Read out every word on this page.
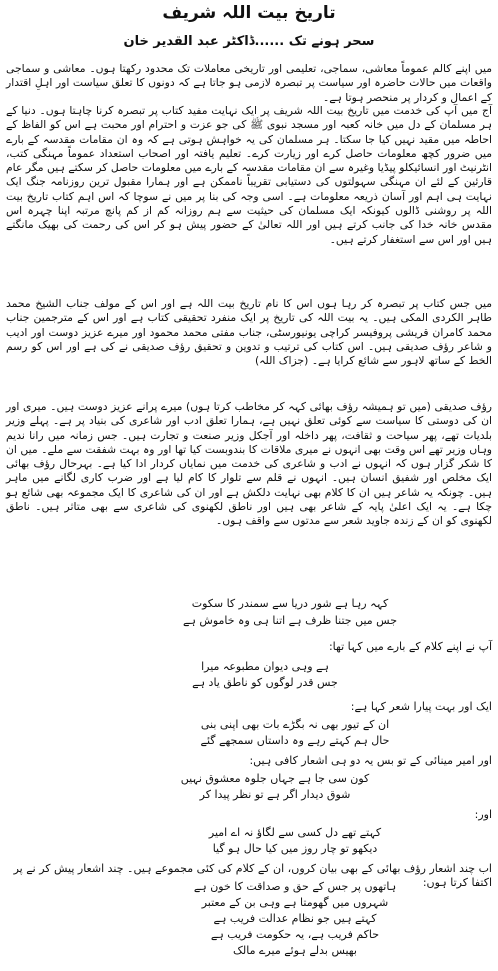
تاریخ بیت اللہ شریف
سحر ہونے تک ......ڈاکٹر عبد القدیر خان

میں اپنے کالم عموماً معاشی، سماجی، تعلیمی اور تاریخی معاملات تک محدود رکھتا ہوں۔ معاشی و سماجی واقعات میں حالات حاضرہ اور سیاست پر تبصرہ لازمی ہو جاتا ہے کہ دونوں کا تعلق سیاست اور اہلِ اقتدار کے اعمال و کردار پر منحصر ہوتا ہے۔

آج میں آپ کی خدمت میں تاریخ بیت اللہ شریف پر ایک نہایت مفید کتاب پر تبصرہ کرنا چاہتا ہوں۔ دنیا کے ہر مسلمان کے دل میں خانہ کعبہ اور مسجد نبوی ﷺ کی جو عزت و احترام اور محبت ہے اس کو الفاظ کے احاطہ میں مقید نہیں کیا جا سکتا۔ ہر مسلمان کی یہ خواہش ہوتی ہے کہ وہ ان مقامات مقدسہ کے بارے میں ضرور کچھ معلومات حاصل کرے اور زیارت کرے۔ تعلیم یافتہ اور اصحاب استعداد عموماً مہنگی کتب، انٹرنیٹ اور انسائیکلو پیڈیا وغیرہ سے ان مقامات مقدسہ کے بارے میں معلومات حاصل کر سکتے ہیں مگر عام قارئین کے لئے ان مہنگی سہولتوں کی دستیابی تقریباً ناممکن ہے اور ہمارا مقبول ترین روزنامہ جنگ ایک نہایت ہی اہم اور آسان ذریعہ معلومات ہے۔ اسی وجہ کی بنا پر میں نے سوچا کہ اس اہم کتاب تاریخ بیت اللہ پر روشنی ڈالوں کیونکہ ایک مسلمان کی حیثیت سے ہم روزانہ کم از کم پانچ مرتبہ اپنا چہرہ اس مقدس خانہ خدا کی جانب کرتے ہیں اور اللہ تعالیٰ کے حضور پیش ہو کر اس کی رحمت کی بھیک مانگتے ہیں اور اس سے استغفار کرتے ہیں۔

میں جس کتاب پر تبصرہ کر رہا ہوں اس کا نام تاریخ بیت اللہ ہے اور اس کے مولف جناب الشیخ محمد طاہر الکردی المکی ہیں۔ یہ بیت اللہ کی تاریخ پر ایک منفرد تحقیقی کتاب ہے اور اس کے مترجمین جناب محمد کامران قریشی پروفیسر کراچی یونیورسٹی، جناب مفتی محمد محمود اور میرے عزیز دوست اور ادیب و شاعر رؤف صدیقی ہیں۔ اس کتاب کی ترتیب و تدوین و تحقیق رؤف صدیقی نے کی ہے اور اس کو رسم الخط کے ساتھ لاہور سے شائع کرایا ہے۔ (جزاک اللہ)

رؤف صدیقی (میں تو ہمیشہ رؤف بھائی کہہ کر مخاطب کرتا ہوں) میرے پرانے عزیز دوست ہیں۔ میری اور ان کی دوستی کا سیاست سے کوئی تعلق نہیں ہے، ہمارا تعلق ادب اور شاعری کی بنیاد پر ہے۔ پہلے وزیر بلدیات تھے، پھر سیاحت و ثقافت، پھر داخلہ اور آجکل وزیر صنعت و تجارت ہیں۔ جس زمانہ میں رانا ندیم وہاں وزیر تھے اس وقت بھی انہوں نے میری ملاقات کا بندوبست کیا تھا اور وہ بہت شفقت سے ملے۔ میں ان کا شکر گزار ہوں کہ انہوں نے ادب و شاعری کی خدمت میں نمایاں کردار ادا کیا ہے۔ بہرحال رؤف بھائی ایک مخلص اور شفیق انسان ہیں۔ انہوں نے قلم سے تلوار کا کام لیا ہے اور ضرب کاری لگانے میں ماہر ہیں۔ چونکہ یہ شاعر ہیں ان کا کلام بھی نہایت دلکش ہے اور ان کی شاعری کا ایک مجموعہ بھی شائع ہو چکا ہے۔ یہ ایک اعلیٰ پایہ کے شاعر بھی ہیں اور ناطق لکھنوی کی شاعری سے بھی متاثر ہیں۔ ناطق لکھنوی کو ان کے زندہ جاوید شعر سے مدتوں سے واقف ہوں۔

کہہ رہا ہے شور دریا سے سمندر کا سکوت
جس میں جتنا ظرف ہے اتنا ہی وہ خاموش ہے

آپ نے اپنے کلام کے بارے میں کہا تھا:

ہے وہی دیوان مطبوعہ میرا
جس قدر لوگوں کو ناطق یاد ہے

ایک اور بہت پیارا شعر کہا ہے:

ان کے تیور بھی نہ بگڑے بات بھی اپنی بنی
حال ہم کہتے رہے وہ داستاں سمجھے گئے

اور امیر مینائی کے تو بس یہ دو ہی اشعار کافی ہیں:

کون سی جا ہے جہاں جلوہ معشوق نہیں
شوق دیدار اگر ہے تو نظر پیدا کر

اور:

کہتے تھے دل کسی سے لگاؤ نہ اے امیر
دیکھو تو چار روز میں کیا حال ہو گیا

اب چند اشعار رؤف بھائی کے بھی بیان کروں، ان کے کلام کی کئی مجموعے ہیں۔ چند اشعار پیش کر نے پر اکتفا کرتا ہوں:

ہاتھوں پر جس کے حق و صداقت کا خون ہے
شہروں میں گھومتا ہے وہی بن کے معتبر
کہتے ہیں جو نظام عدالت فریب ہے
حاکم فریب ہے، یہ حکومت فریب ہے
بھیس بدلے ہوئے میرے مالک
